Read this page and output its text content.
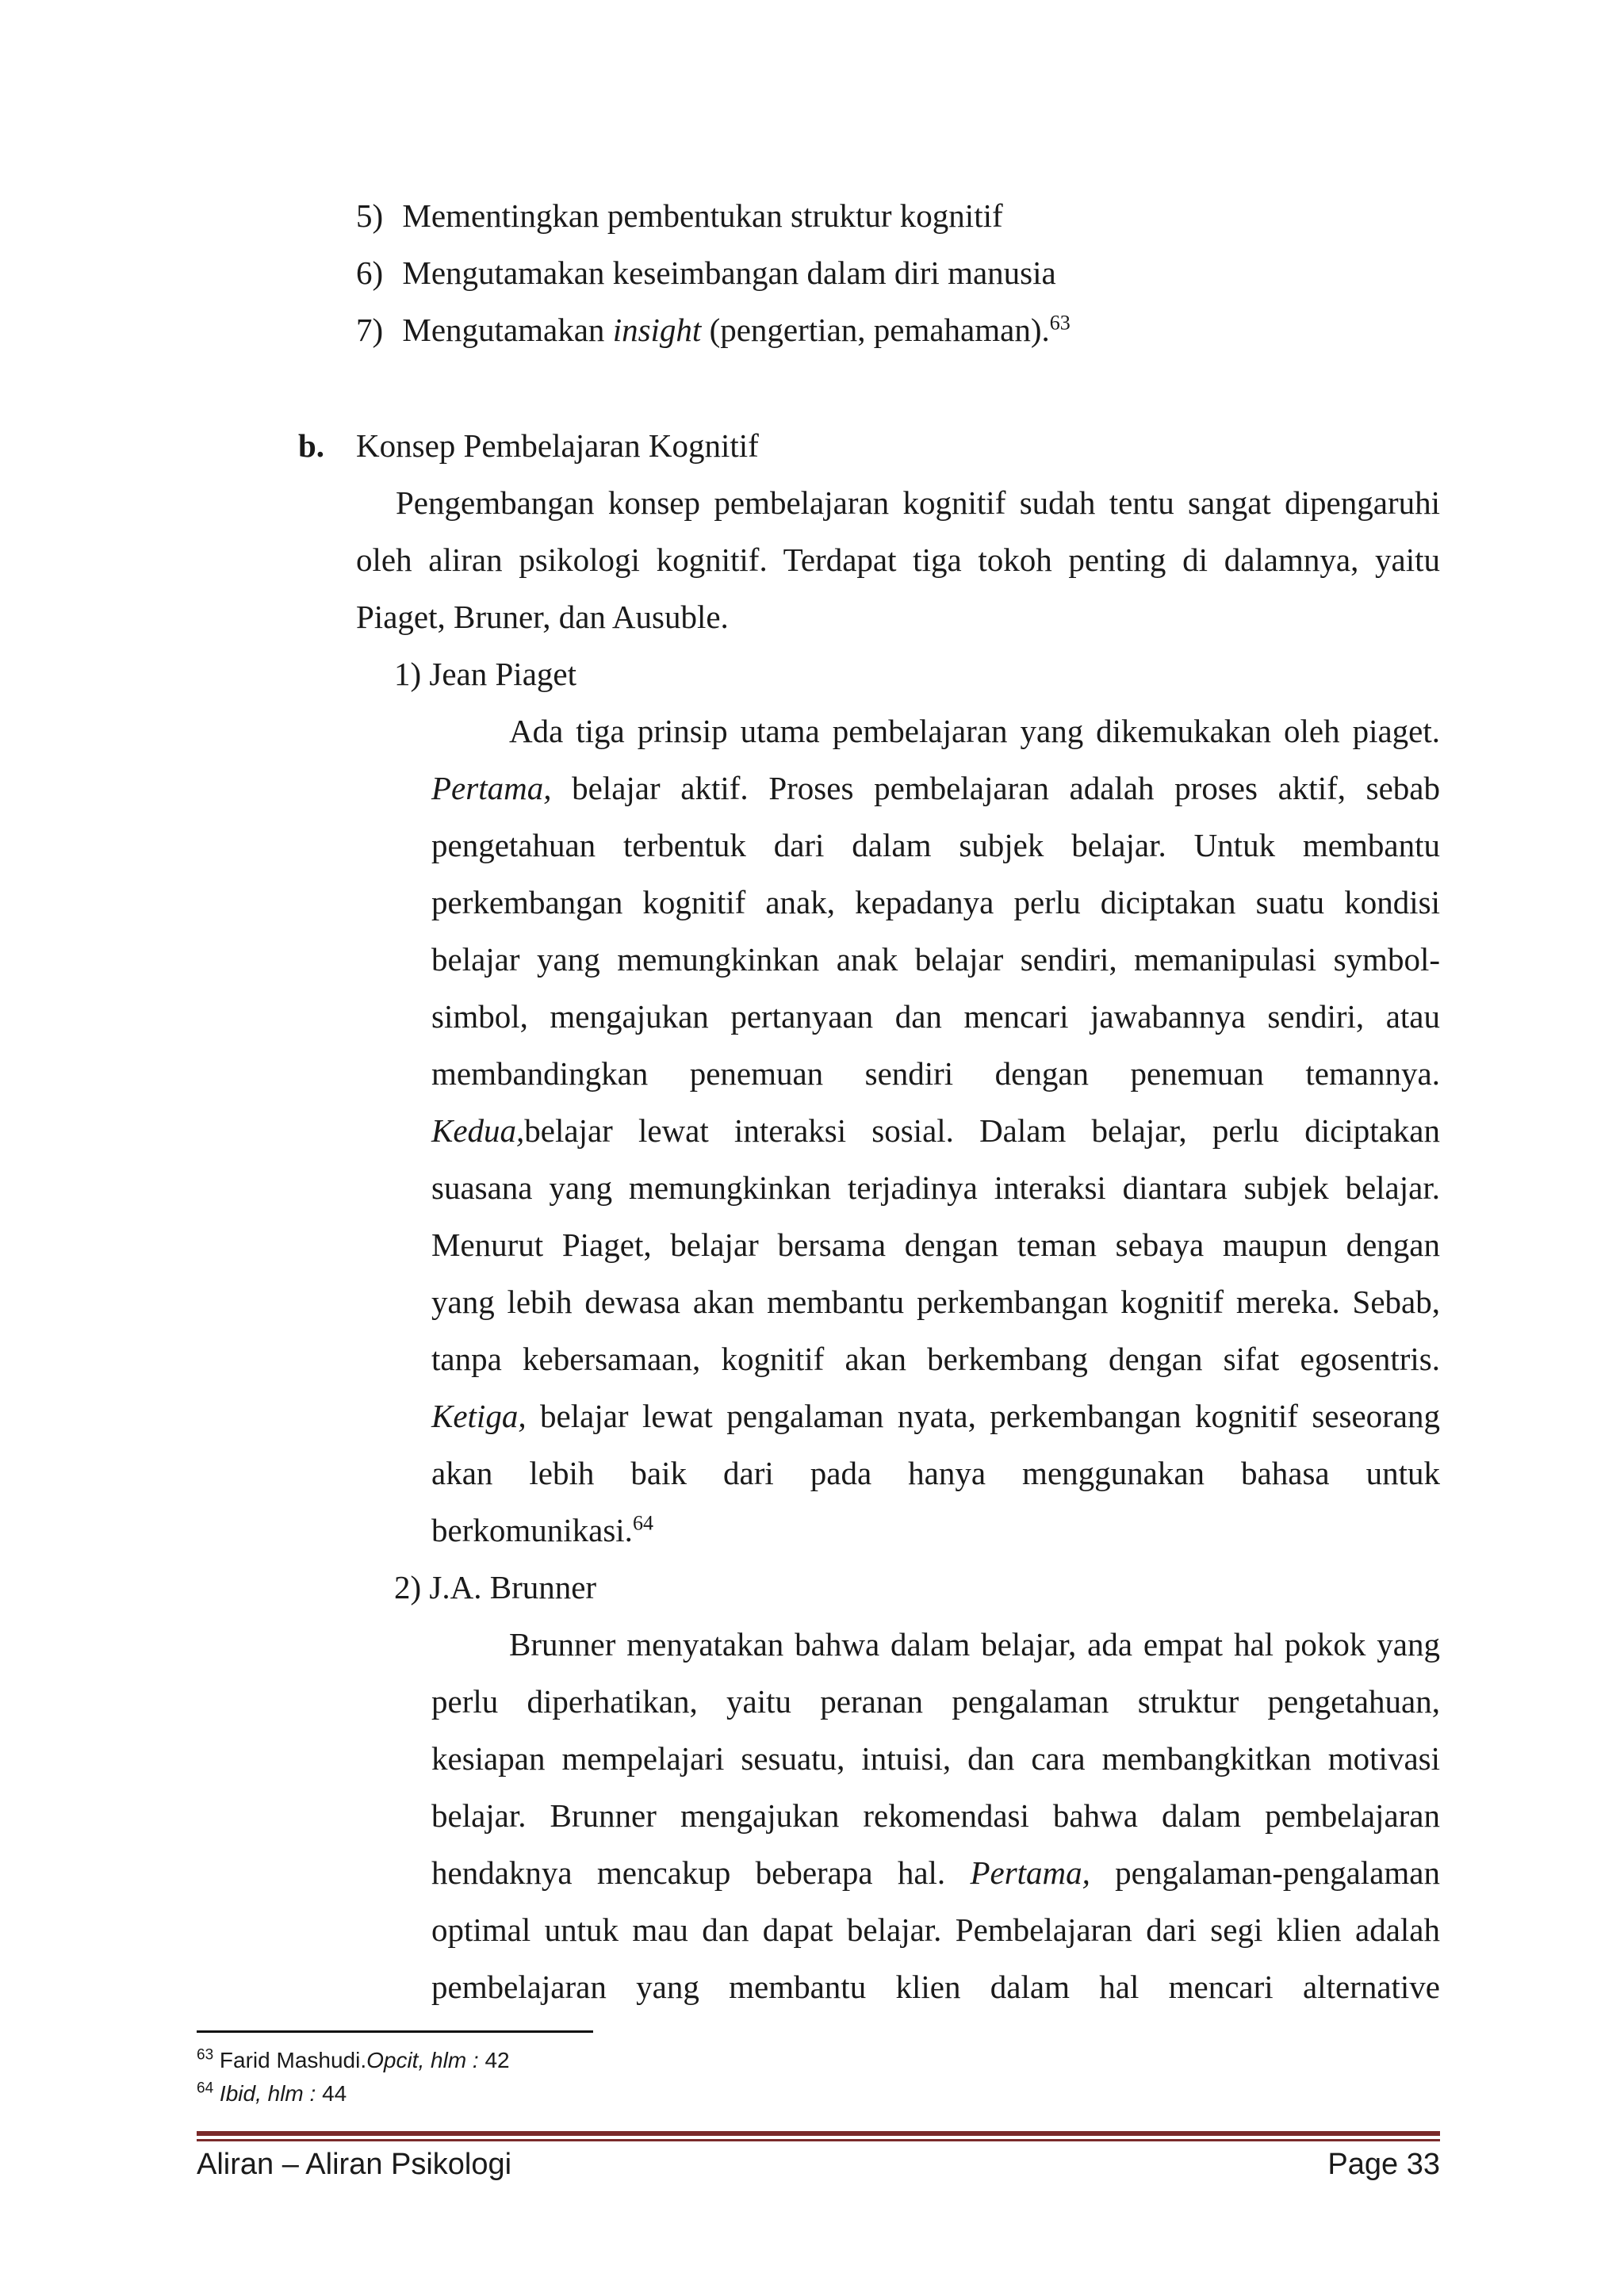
5) Mementingkan pembentukan struktur kognitif
6) Mengutamakan keseimbangan dalam diri manusia
7) Mengutamakan insight (pengertian, pemahaman).$^{63}$
b. Konsep Pembelajaran Kognitif
Pengembangan konsep pembelajaran kognitif sudah tentu sangat dipengaruhi
oleh aliran psikologi kognitif. Terdapat tiga tokoh penting di dalamnya, yaitu
Piaget, Bruner, dan Ausuble.
1) Jean Piaget
Ada tiga prinsip utama pembelajaran yang dikemukakan oleh piaget.
Pertama, belajar aktif. Proses pembelajaran adalah proses aktif, sebab
pengetahuan terbentuk dari dalam subjek belajar. Untuk membantu
perkembangan kognitif anak, kepadanya perlu diciptakan suatu kondisi
belajar yang memungkinkan anak belajar sendiri, memanipulasi symbol-
simbol, mengajukan pertanyaan dan mencari jawabannya sendiri, atau
membandingkan penemuan sendiri dengan penemuan temannya.
Kedua,belajar lewat interaksi sosial. Dalam belajar, perlu diciptakan
suasana yang memungkinkan terjadinya interaksi diantara subjek belajar.
Menurut Piaget, belajar bersama dengan teman sebaya maupun dengan
yang lebih dewasa akan membantu perkembangan kognitif mereka. Sebab,
tanpa kebersamaan, kognitif akan berkembang dengan sifat egosentris.
Ketiga, belajar lewat pengalaman nyata, perkembangan kognitif seseorang
akan lebih baik dari pada hanya menggunakan bahasa untuk
berkomunikasi.$^{64}$
2) J.A. Brunner
Brunner menyatakan bahwa dalam belajar, ada empat hal pokok yang
perlu diperhatikan, yaitu peranan pengalaman struktur pengetahuan,
kesiapan mempelajari sesuatu, intuisi, dan cara membangkitkan motivasi
belajar. Brunner mengajukan rekomendasi bahwa dalam pembelajaran
hendaknya mencakup beberapa hal. Pertama, pengalaman-pengalaman
optimal untuk mau dan dapat belajar. Pembelajaran dari segi klien adalah
pembelajaran yang membantu klien dalam hal mencari alternative
$^{63}$ Farid Mashudi.Opcit, hlm : 42
$^{64}$ Ibid, hlm : 44
Aliran – Aliran Psikologi	Page 33
